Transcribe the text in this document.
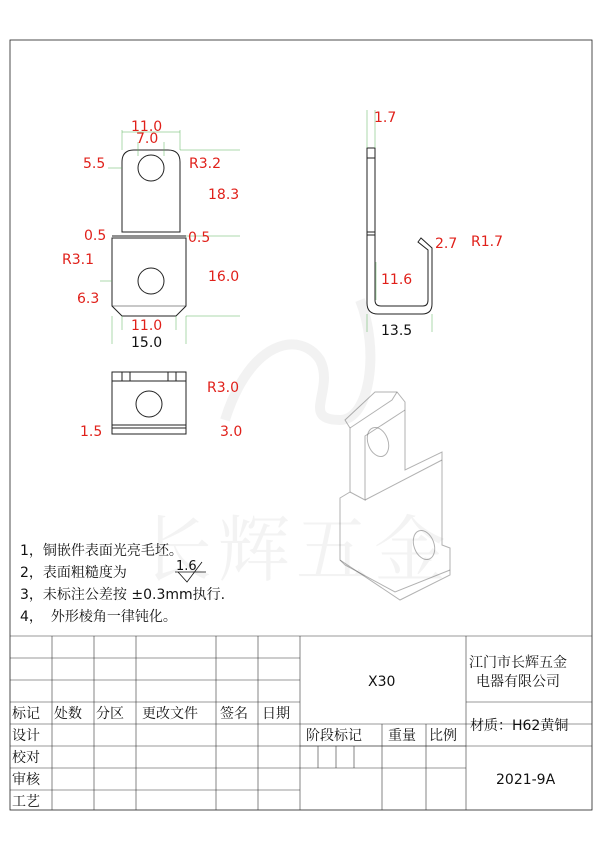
11.0
7.0
5.5	R3.2
18.3
0.5	0.5
R3.1
16.0
6.3
11.0
15.0
1.7
2.7 R1.7
11.6
13.5
R3.0
1.5	3.0
X30
江门市长辉五金
电器有限公司
标记 处数 分区 更改文件 签名 日期
设计
校对
审核
工艺
阶段标记 重量 比例
材质：H62黄铜
2021-9A
1.6
1，铜嵌件表面光亮毛坯。
2，表面粗糙度为
3，未标注公差按 ±0.3mm执行.
4， 外形棱角一律钝化。
